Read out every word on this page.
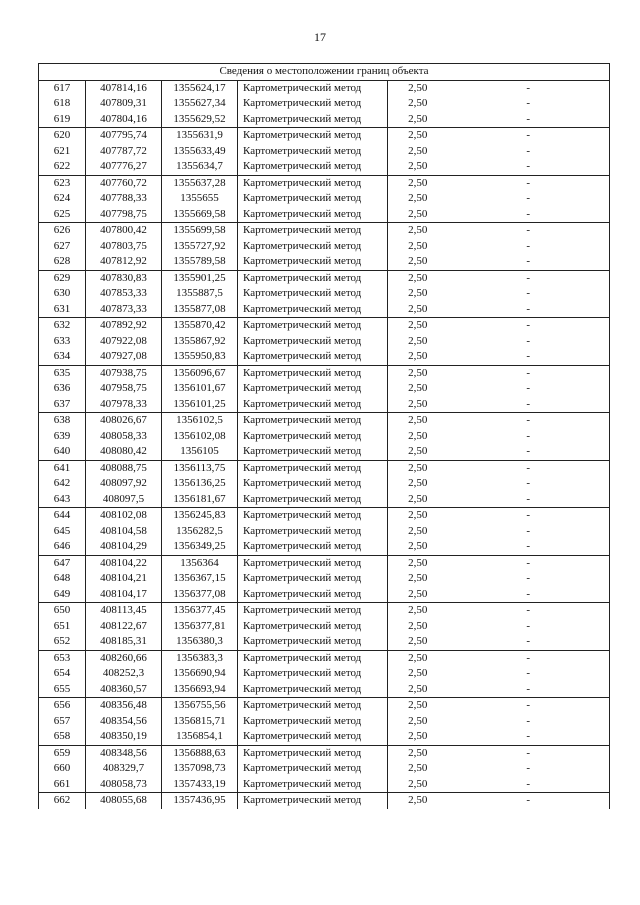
17
Сведения о местоположении границ объекта					
617	407814,16	1355624,17	Картометрический метод	2,50	-
618	407809,31	1355627,34	Картометрический метод	2,50	-
619	407804,16	1355629,52	Картометрический метод	2,50	-
620	407795,74	1355631,9	Картометрический метод	2,50	-
621	407787,72	1355633,49	Картометрический метод	2,50	-
622	407776,27	1355634,7	Картометрический метод	2,50	-
623	407760,72	1355637,28	Картометрический метод	2,50	-
624	407788,33	1355655	Картометрический метод	2,50	-
625	407798,75	1355669,58	Картометрический метод	2,50	-
626	407800,42	1355699,58	Картометрический метод	2,50	-
627	407803,75	1355727,92	Картометрический метод	2,50	-
628	407812,92	1355789,58	Картометрический метод	2,50	-
629	407830,83	1355901,25	Картометрический метод	2,50	-
630	407853,33	1355887,5	Картометрический метод	2,50	-
631	407873,33	1355877,08	Картометрический метод	2,50	-
632	407892,92	1355870,42	Картометрический метод	2,50	-
633	407922,08	1355867,92	Картометрический метод	2,50	-
634	407927,08	1355950,83	Картометрический метод	2,50	-
635	407938,75	1356096,67	Картометрический метод	2,50	-
636	407958,75	1356101,67	Картометрический метод	2,50	-
637	407978,33	1356101,25	Картометрический метод	2,50	-
638	408026,67	1356102,5	Картометрический метод	2,50	-
639	408058,33	1356102,08	Картометрический метод	2,50	-
640	408080,42	1356105	Картометрический метод	2,50	-
641	408088,75	1356113,75	Картометрический метод	2,50	-
642	408097,92	1356136,25	Картометрический метод	2,50	-
643	408097,5	1356181,67	Картометрический метод	2,50	-
644	408102,08	1356245,83	Картометрический метод	2,50	-
645	408104,58	1356282,5	Картометрический метод	2,50	-
646	408104,29	1356349,25	Картометрический метод	2,50	-
647	408104,22	1356364	Картометрический метод	2,50	-
648	408104,21	1356367,15	Картометрический метод	2,50	-
649	408104,17	1356377,08	Картометрический метод	2,50	-
650	408113,45	1356377,45	Картометрический метод	2,50	-
651	408122,67	1356377,81	Картометрический метод	2,50	-
652	408185,31	1356380,3	Картометрический метод	2,50	-
653	408260,66	1356383,3	Картометрический метод	2,50	-
654	408252,3	1356690,94	Картометрический метод	2,50	-
655	408360,57	1356693,94	Картометрический метод	2,50	-
656	408356,48	1356755,56	Картометрический метод	2,50	-
657	408354,56	1356815,71	Картометрический метод	2,50	-
658	408350,19	1356854,1	Картометрический метод	2,50	-
659	408348,56	1356888,63	Картометрический метод	2,50	-
660	408329,7	1357098,73	Картометрический метод	2,50	-
661	408058,73	1357433,19	Картометрический метод	2,50	-
662	408055,68	1357436,95	Картометрический метод	2,50	-
